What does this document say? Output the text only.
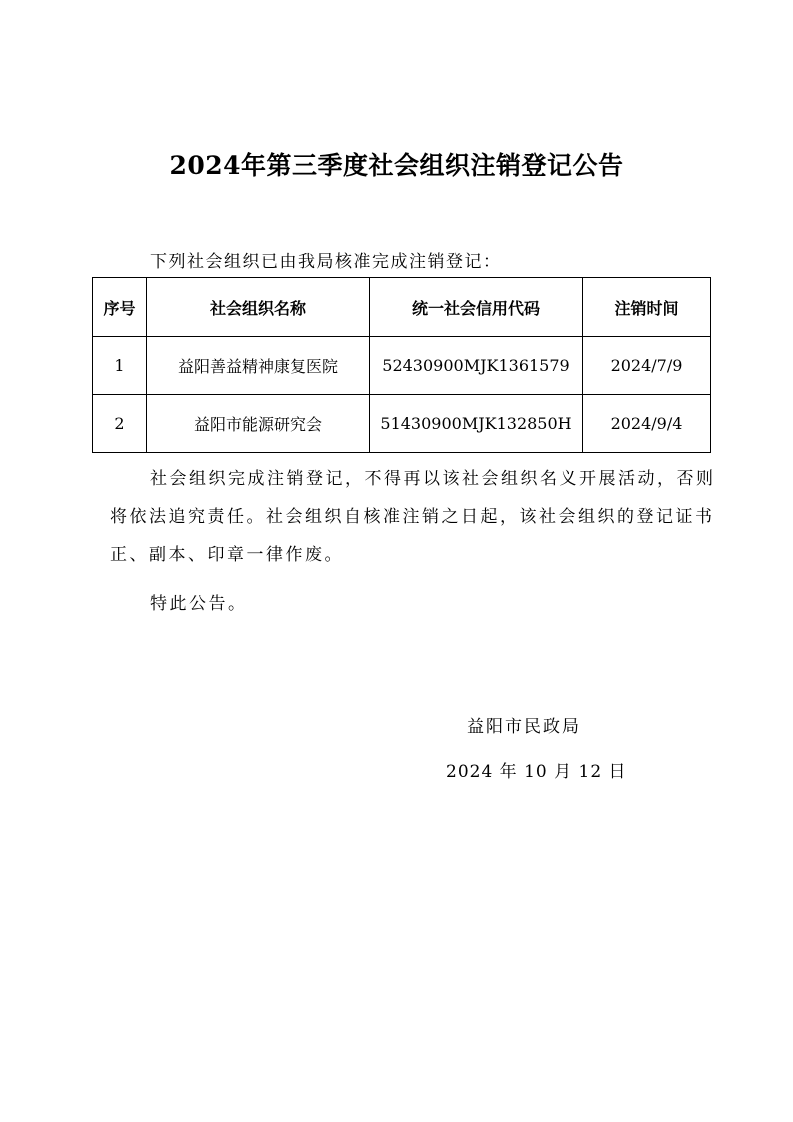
2024年第三季度社会组织注销登记公告
下列社会组织已由我局核准完成注销登记：
序号	社会组织名称	统一社会信用代码	注销时间
1	益阳善益精神康复医院	52430900MJK1361579	2024/7/9
2	益阳市能源研究会	51430900MJK132850H	2024/9/4
社会组织完成注销登记，不得再以该社会组织名义开展活动，否则将依法追究责任。社会组织自核准注销之日起，该社会组织的登记证书正、副本、印章一律作废。
特此公告。
益阳市民政局
2024 年 10 月 12 日
